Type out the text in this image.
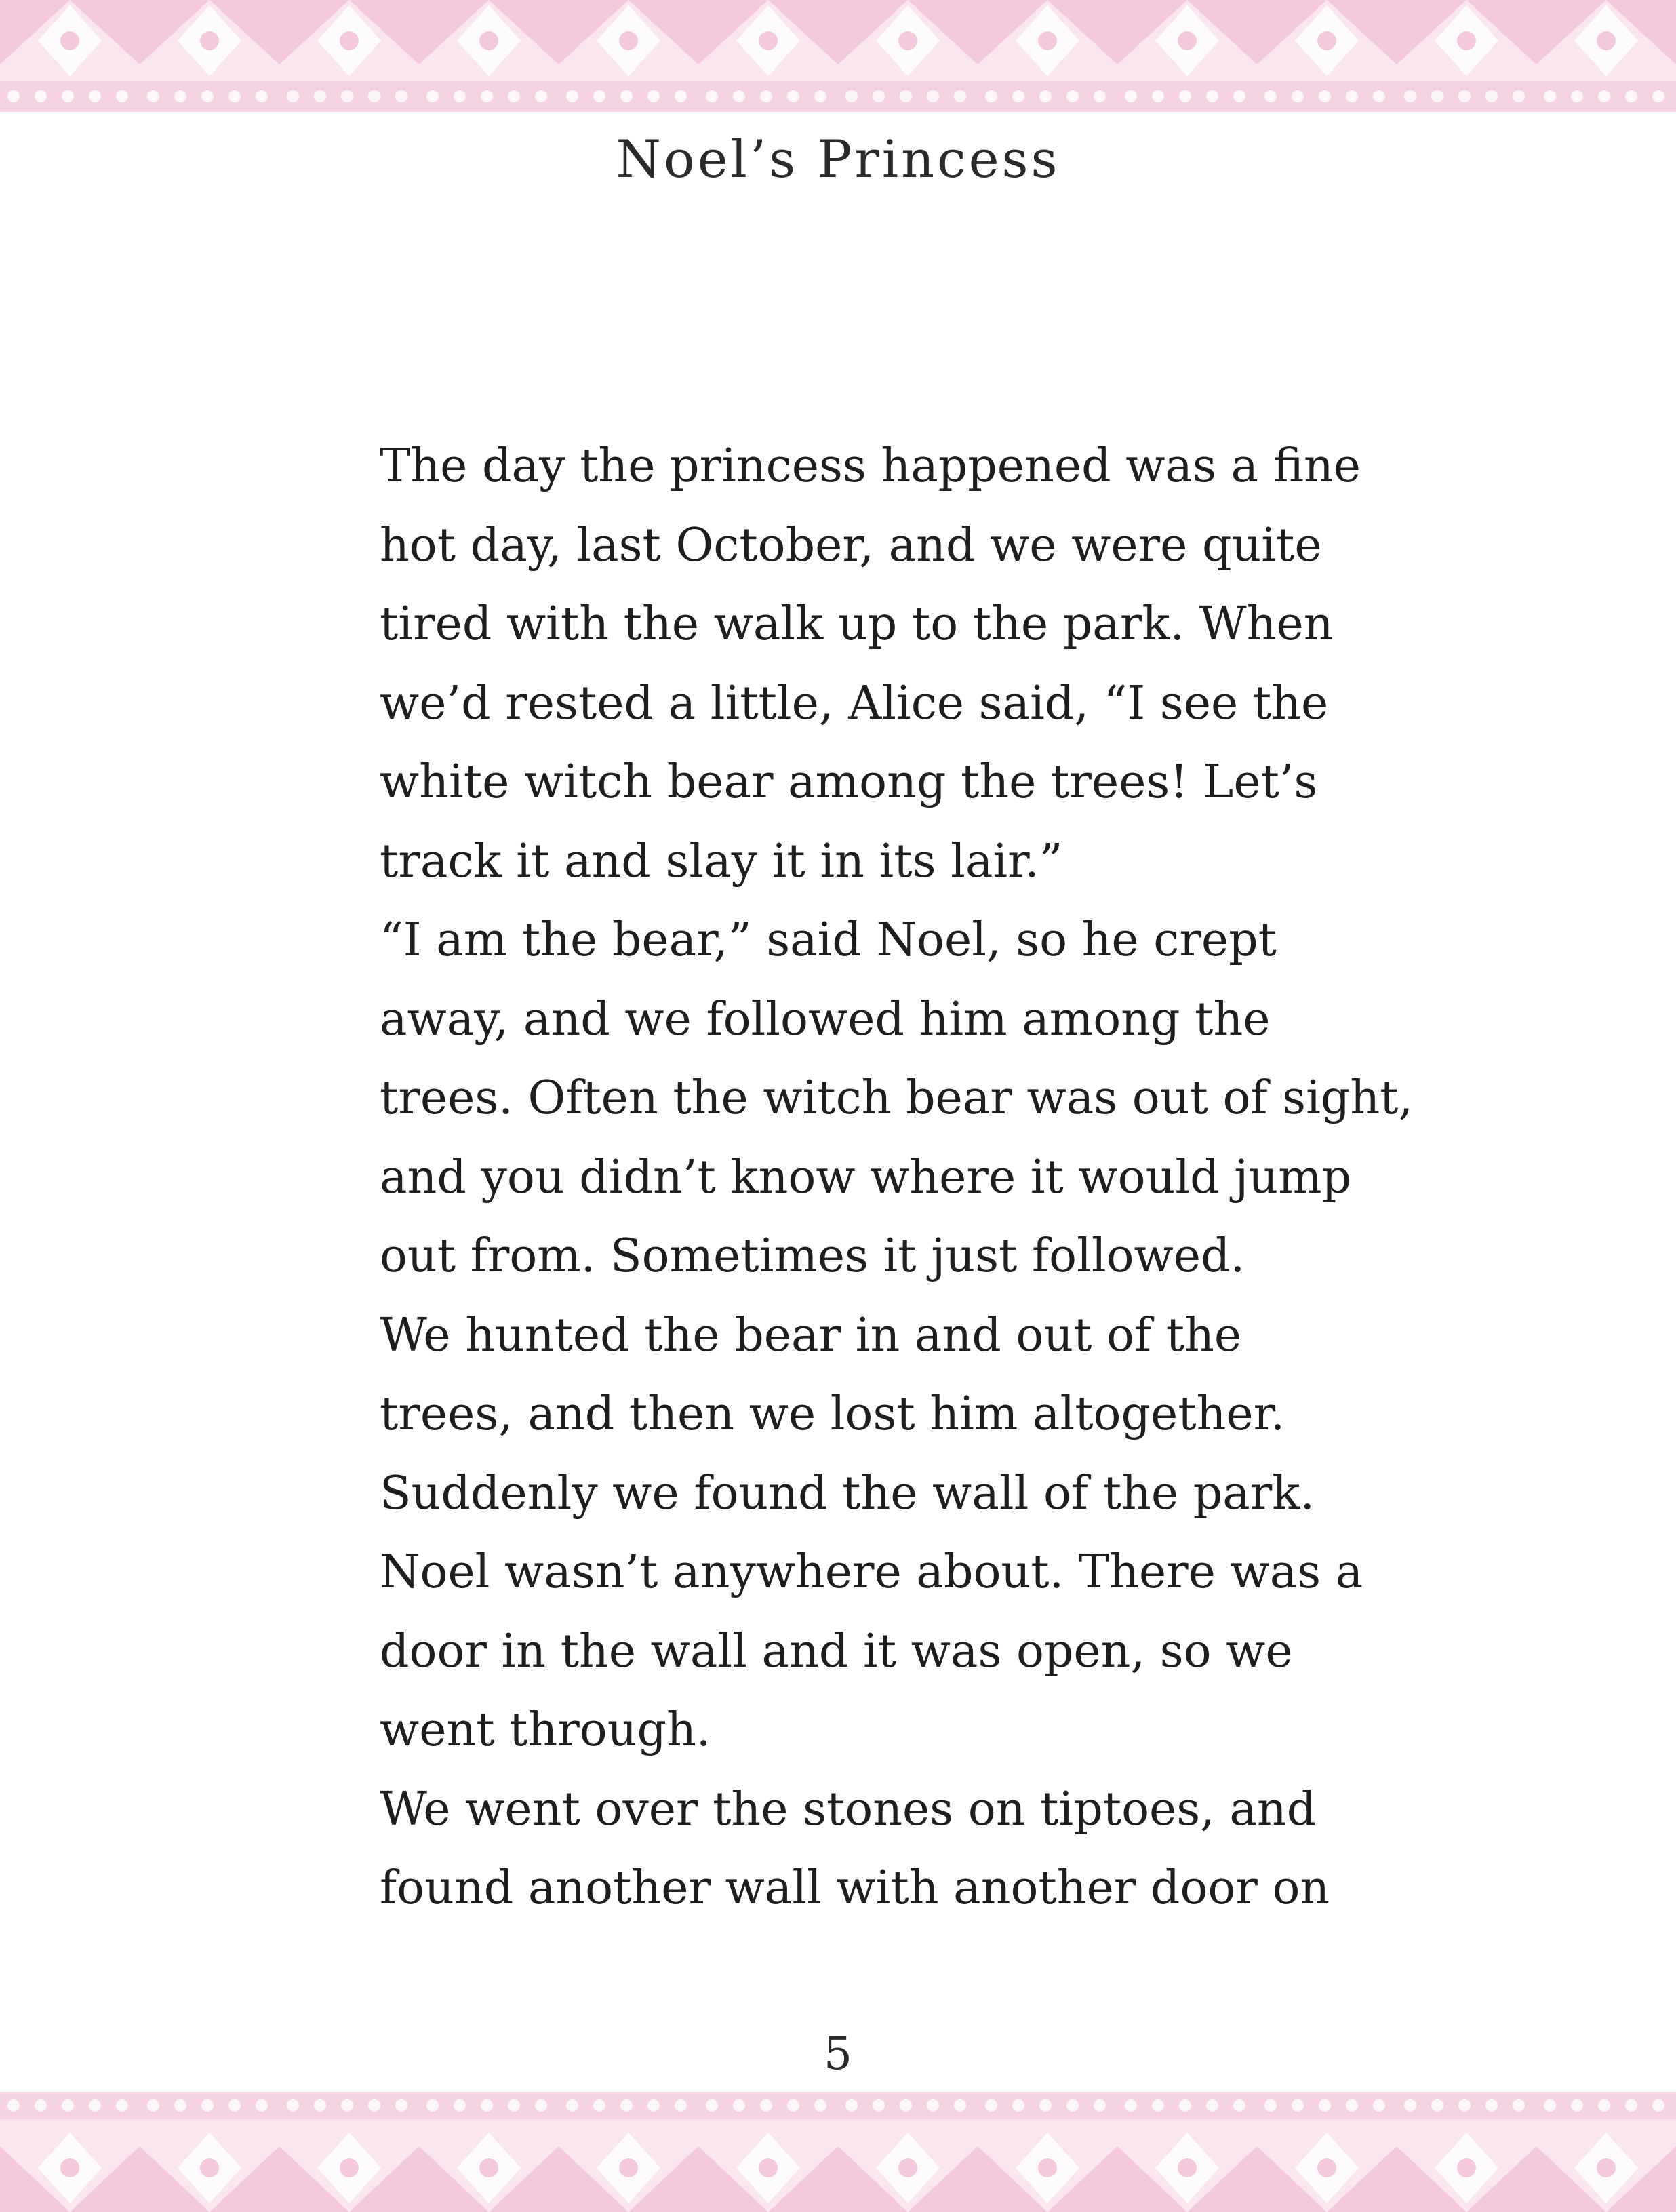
Noel’s Princess

The day the princess happened was a fine
hot day, last October, and we were quite
tired with the walk up to the park. When
we’d rested a little, Alice said, “I see the
white witch bear among the trees! Let’s
track it and slay it in its lair.”

“I am the bear,” said Noel, so he crept
away, and we followed him among the
trees. Often the witch bear was out of sight,
and you didn’t know where it would jump
out from. Sometimes it just followed.

We hunted the bear in and out of the
trees, and then we lost him altogether.
Suddenly we found the wall of the park.
Noel wasn’t anywhere about. There was a
door in the wall and it was open, so we
went through.

We went over the stones on tiptoes, and
found another wall with another door on

5
